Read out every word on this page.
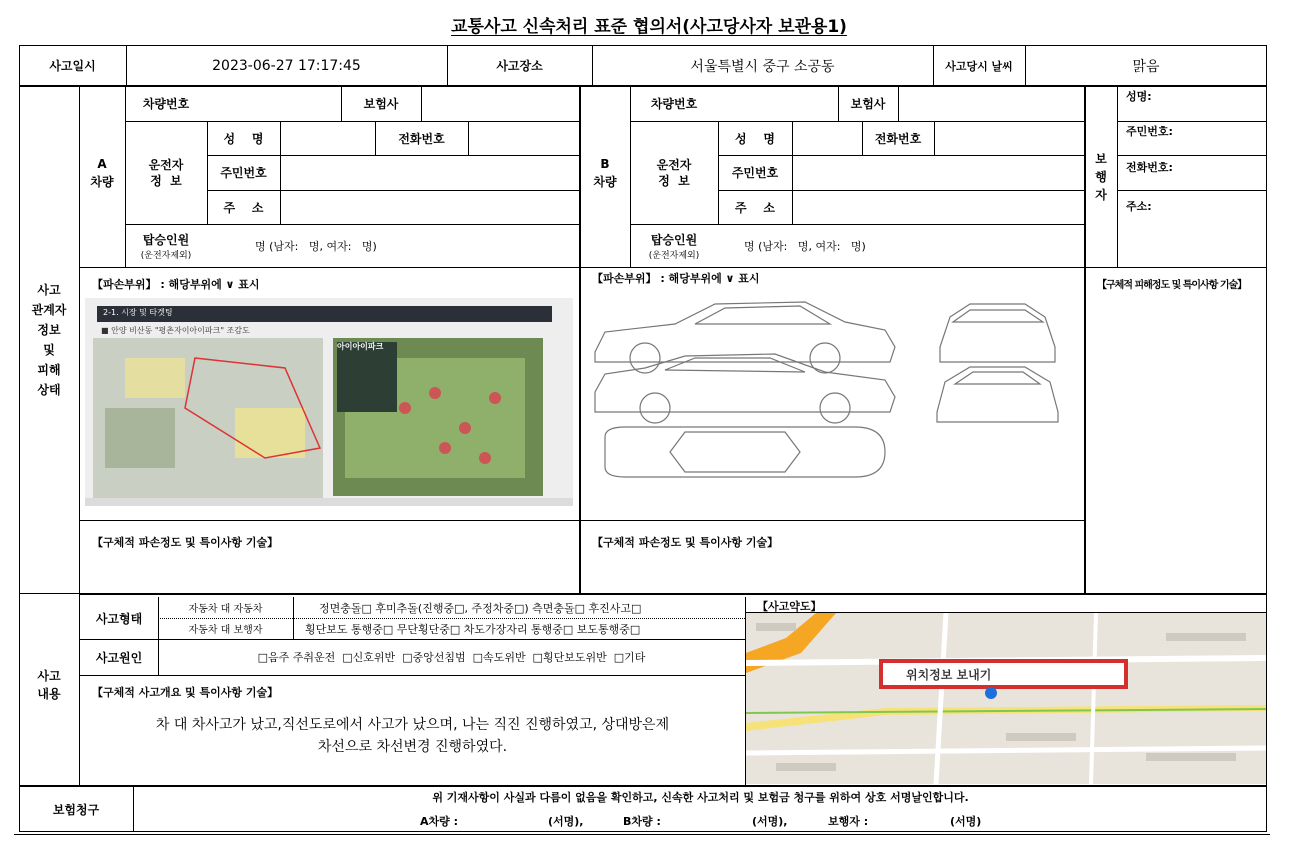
교통사고 신속처리 표준 협의서(사고당사자 보관용1)
사고일시	2023-06-27 17:17:45	사고장소	서울특별시 중구 소공동	사고당시 날씨	맑음
사고
관계자
정보
및
피해
상태
A
차량
차량번호	보험사
운전자
정  보
성    명	전화번호
주민번호
주    소
탑승인원
(운전자제외)
명 (남자:   명, 여자:   명)
【파손부위】 : 해당부위에 ∨ 표시
2-1. 시장 및 타겟팅
■ 안양 비산동 "평촌자이아이파크" 조감도
아이아이파크
【구체적 파손정도 및 특이사항 기술】
B
차량
차량번호	보험사
운전자
정  보
성    명	전화번호
주민번호
주    소
탑승인원
(운전자제외)
명 (남자:   명, 여자:   명)
【파손부위】 : 해당부위에 ∨ 표시
【구체적 파손정도 및 특이사항 기술】
보
행
자
성명:
주민번호:
전화번호:
주소:
【구체적 피해정도 및 특이사항 기술】
사고
내용
사고형태
자동차 대 자동차	정면충돌□ 후미추돌(진행중□, 주정차중□) 측면충돌□ 후진사고□
자동차 대 보행자	횡단보도 통행중□ 무단횡단중□ 차도가장자리 통행중□ 보도통행중□
사고원인	□음주 주취운전  □신호위반  □중앙선침범  □속도위반  □횡단보도위반  □기타
【구체적 사고개요 및 특이사항 기술】
차 대 차사고가 났고,직선도로에서 사고가 났으며, 나는 직진 진행하였고, 상대방은제
차선으로 차선변경 진행하였다.
【사고약도】
위치정보 보내기
보험청구
위 기재사항이 사실과 다름이 없음을 확인하고, 신속한 사고처리 및 보험금 청구를 위하여 상호 서명날인합니다.
A차량 :	(서명),	B차량 :	(서명),	보행자 :	(서명)
